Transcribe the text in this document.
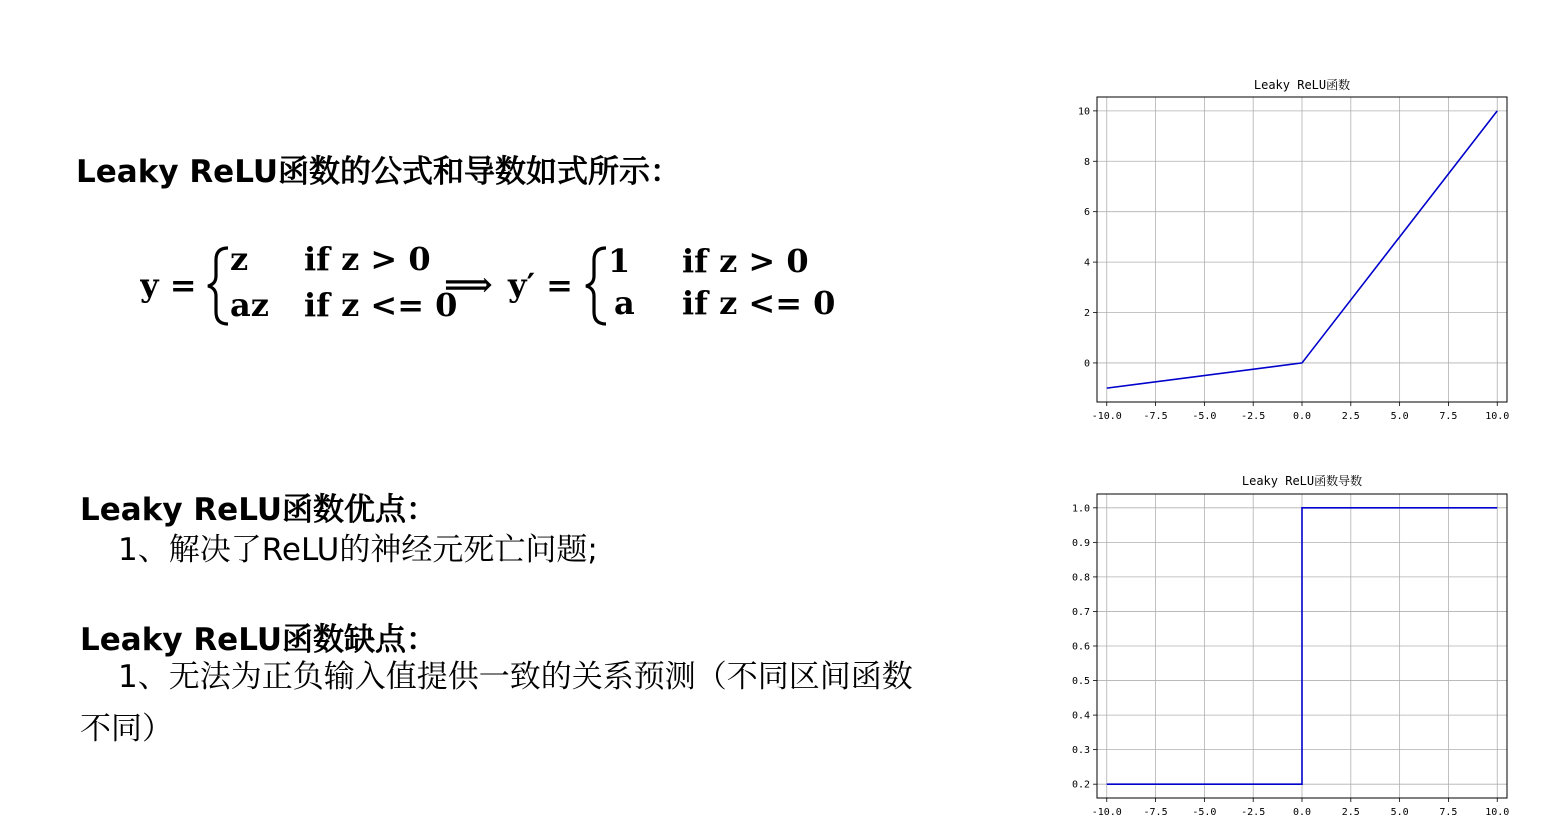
Leaky ReLU函数的公式和导数如式所示：
y =
z if z > 0
az if z <= 0
⟹ y′ =
1 if z > 0
a if z <= 0
Leaky ReLU函数优点：
1、解决了ReLU的神经元死亡问题;
Leaky ReLU函数缺点：
1、无法为正负输入值提供一致的关系预测（不同区间函数不同）
Leaky ReLU函数
-10.0 -7.5 -5.0 -2.5	0.0	2.5	5.0	7.5	10.0
0
2
4
6
8
10
Leaky ReLU函数导数
-10.0 -7.5 -5.0 -2.5	0.0	2.5	5.0	7.5	10.0
0.2
0.3
0.4
0.5
0.6
0.7
0.8
0.9
1.0
